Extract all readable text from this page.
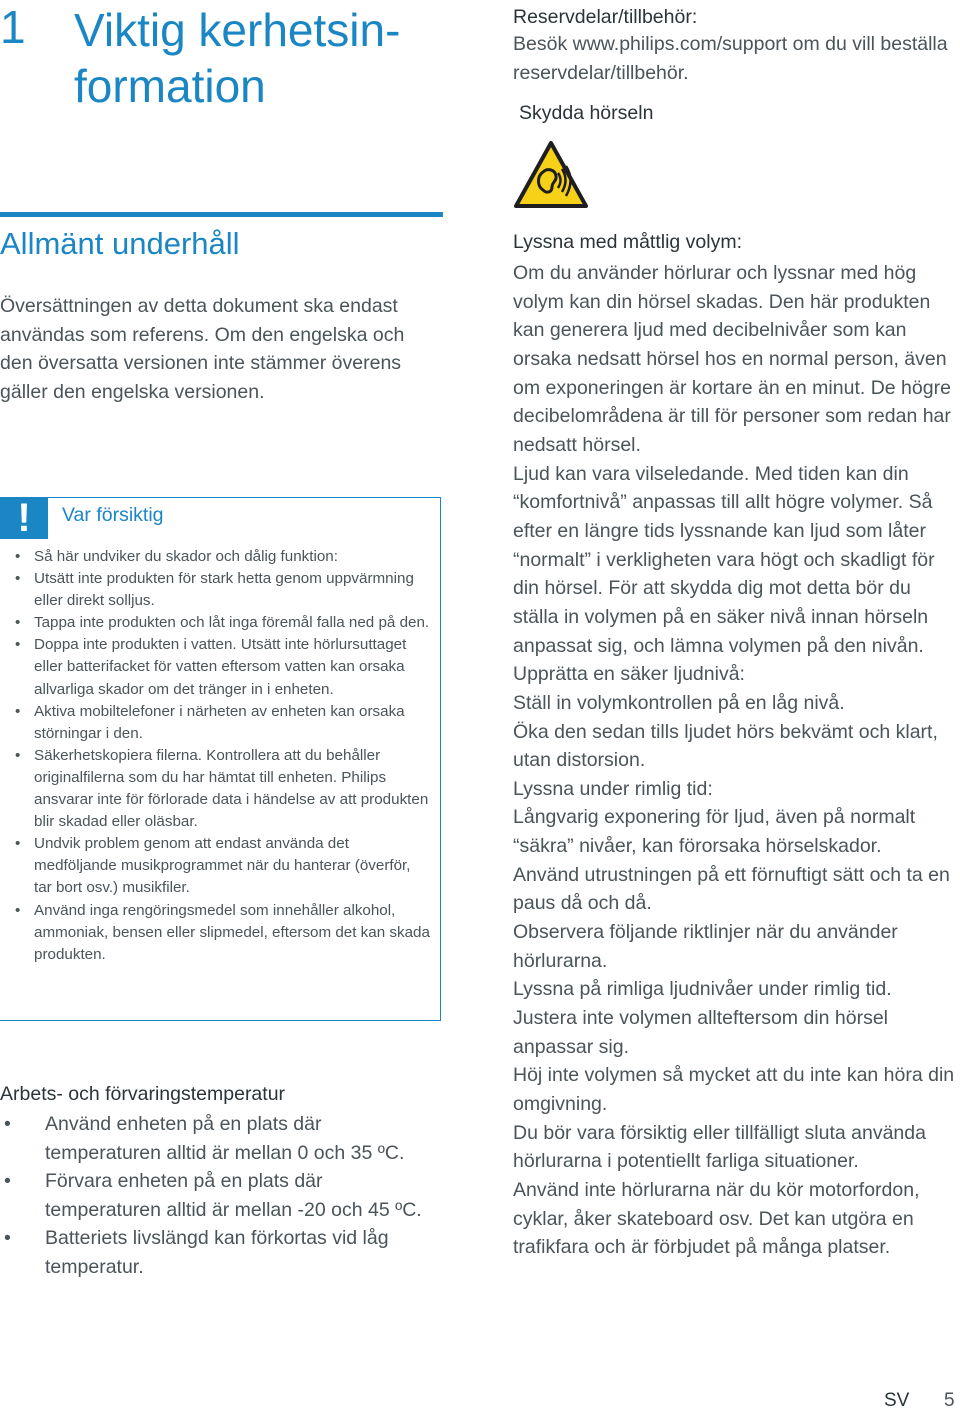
1 Viktig kerhetsin-
formation
Allmänt underhåll
Översättningen av detta dokument ska endast användas som referens. Om den engelska och den översatta versionen inte stämmer överens gäller den engelska versionen.
!	Var försiktig
• Så här undviker du skador och dålig funktion:
• Utsätt inte produkten för stark hetta genom uppvärmning eller direkt solljus.
• Tappa inte produkten och låt inga föremål falla ned på den.
• Doppa inte produkten i vatten. Utsätt inte hörlursuttaget eller batterifacket för vatten eftersom vatten kan orsaka allvarliga skador om det tränger in i enheten.
• Aktiva mobiltelefoner i närheten av enheten kan orsaka störningar i den.
• Säkerhetskopiera filerna. Kontrollera att du behåller originalfilerna som du har hämtat till enheten. Philips ansvarar inte för förlorade data i händelse av att produkten blir skadad eller oläsbar.
• Undvik problem genom att endast använda det medföljande musikprogrammet när du hanterar (överför, tar bort osv.) musikfiler.
• Använd inga rengöringsmedel som innehåller alkohol, ammoniak, bensen eller slipmedel, eftersom det kan skada produkten.
Arbets- och förvaringstemperatur
• Använd enheten på en plats där temperaturen alltid är mellan 0 och 35 ºC.
• Förvara enheten på en plats där temperaturen alltid är mellan -20 och 45 ºC.
• Batteriets livslängd kan förkortas vid låg temperatur.
Reservdelar/tillbehör:
Besök www.philips.com/support om du vill beställa reservdelar/tillbehör.
Skydda hörseln
Lyssna med måttlig volym:

Om du använder hörlurar och lyssnar med hög volym kan din hörsel skadas. Den här produkten kan generera ljud med decibelnivåer som kan orsaka nedsatt hörsel hos en normal person, även om exponeringen är kortare än en minut. De högre decibelområdena är till för personer som redan har nedsatt hörsel.

Ljud kan vara vilseledande. Med tiden kan din “komfortnivå” anpassas till allt högre volymer. Så efter en längre tids lyssnande kan ljud som låter “normalt” i verkligheten vara högt och skadligt för din hörsel. För att skydda dig mot detta bör du ställa in volymen på en säker nivå innan hörseln anpassat sig, och lämna volymen på den nivån.

Upprätta en säker ljudnivå:

Ställ in volymkontrollen på en låg nivå.

Öka den sedan tills ljudet hörs bekvämt och klart, utan distorsion.

Lyssna under rimlig tid:

Långvarig exponering för ljud, även på normalt “säkra” nivåer, kan förorsaka hörselskador.

Använd utrustningen på ett förnuftigt sätt och ta en paus då och då.

Observera följande riktlinjer när du använder hörlurarna.

Lyssna på rimliga ljudnivåer under rimlig tid.

Justera inte volymen allteftersom din hörsel anpassar sig.

Höj inte volymen så mycket att du inte kan höra din omgivning.

Du bör vara försiktig eller tillfälligt sluta använda hörlurarna i potentiellt farliga situationer.

Använd inte hörlurarna när du kör motorfordon, cyklar, åker skateboard osv. Det kan utgöra en trafikfara och är förbjudet på många platser.

SV 5
